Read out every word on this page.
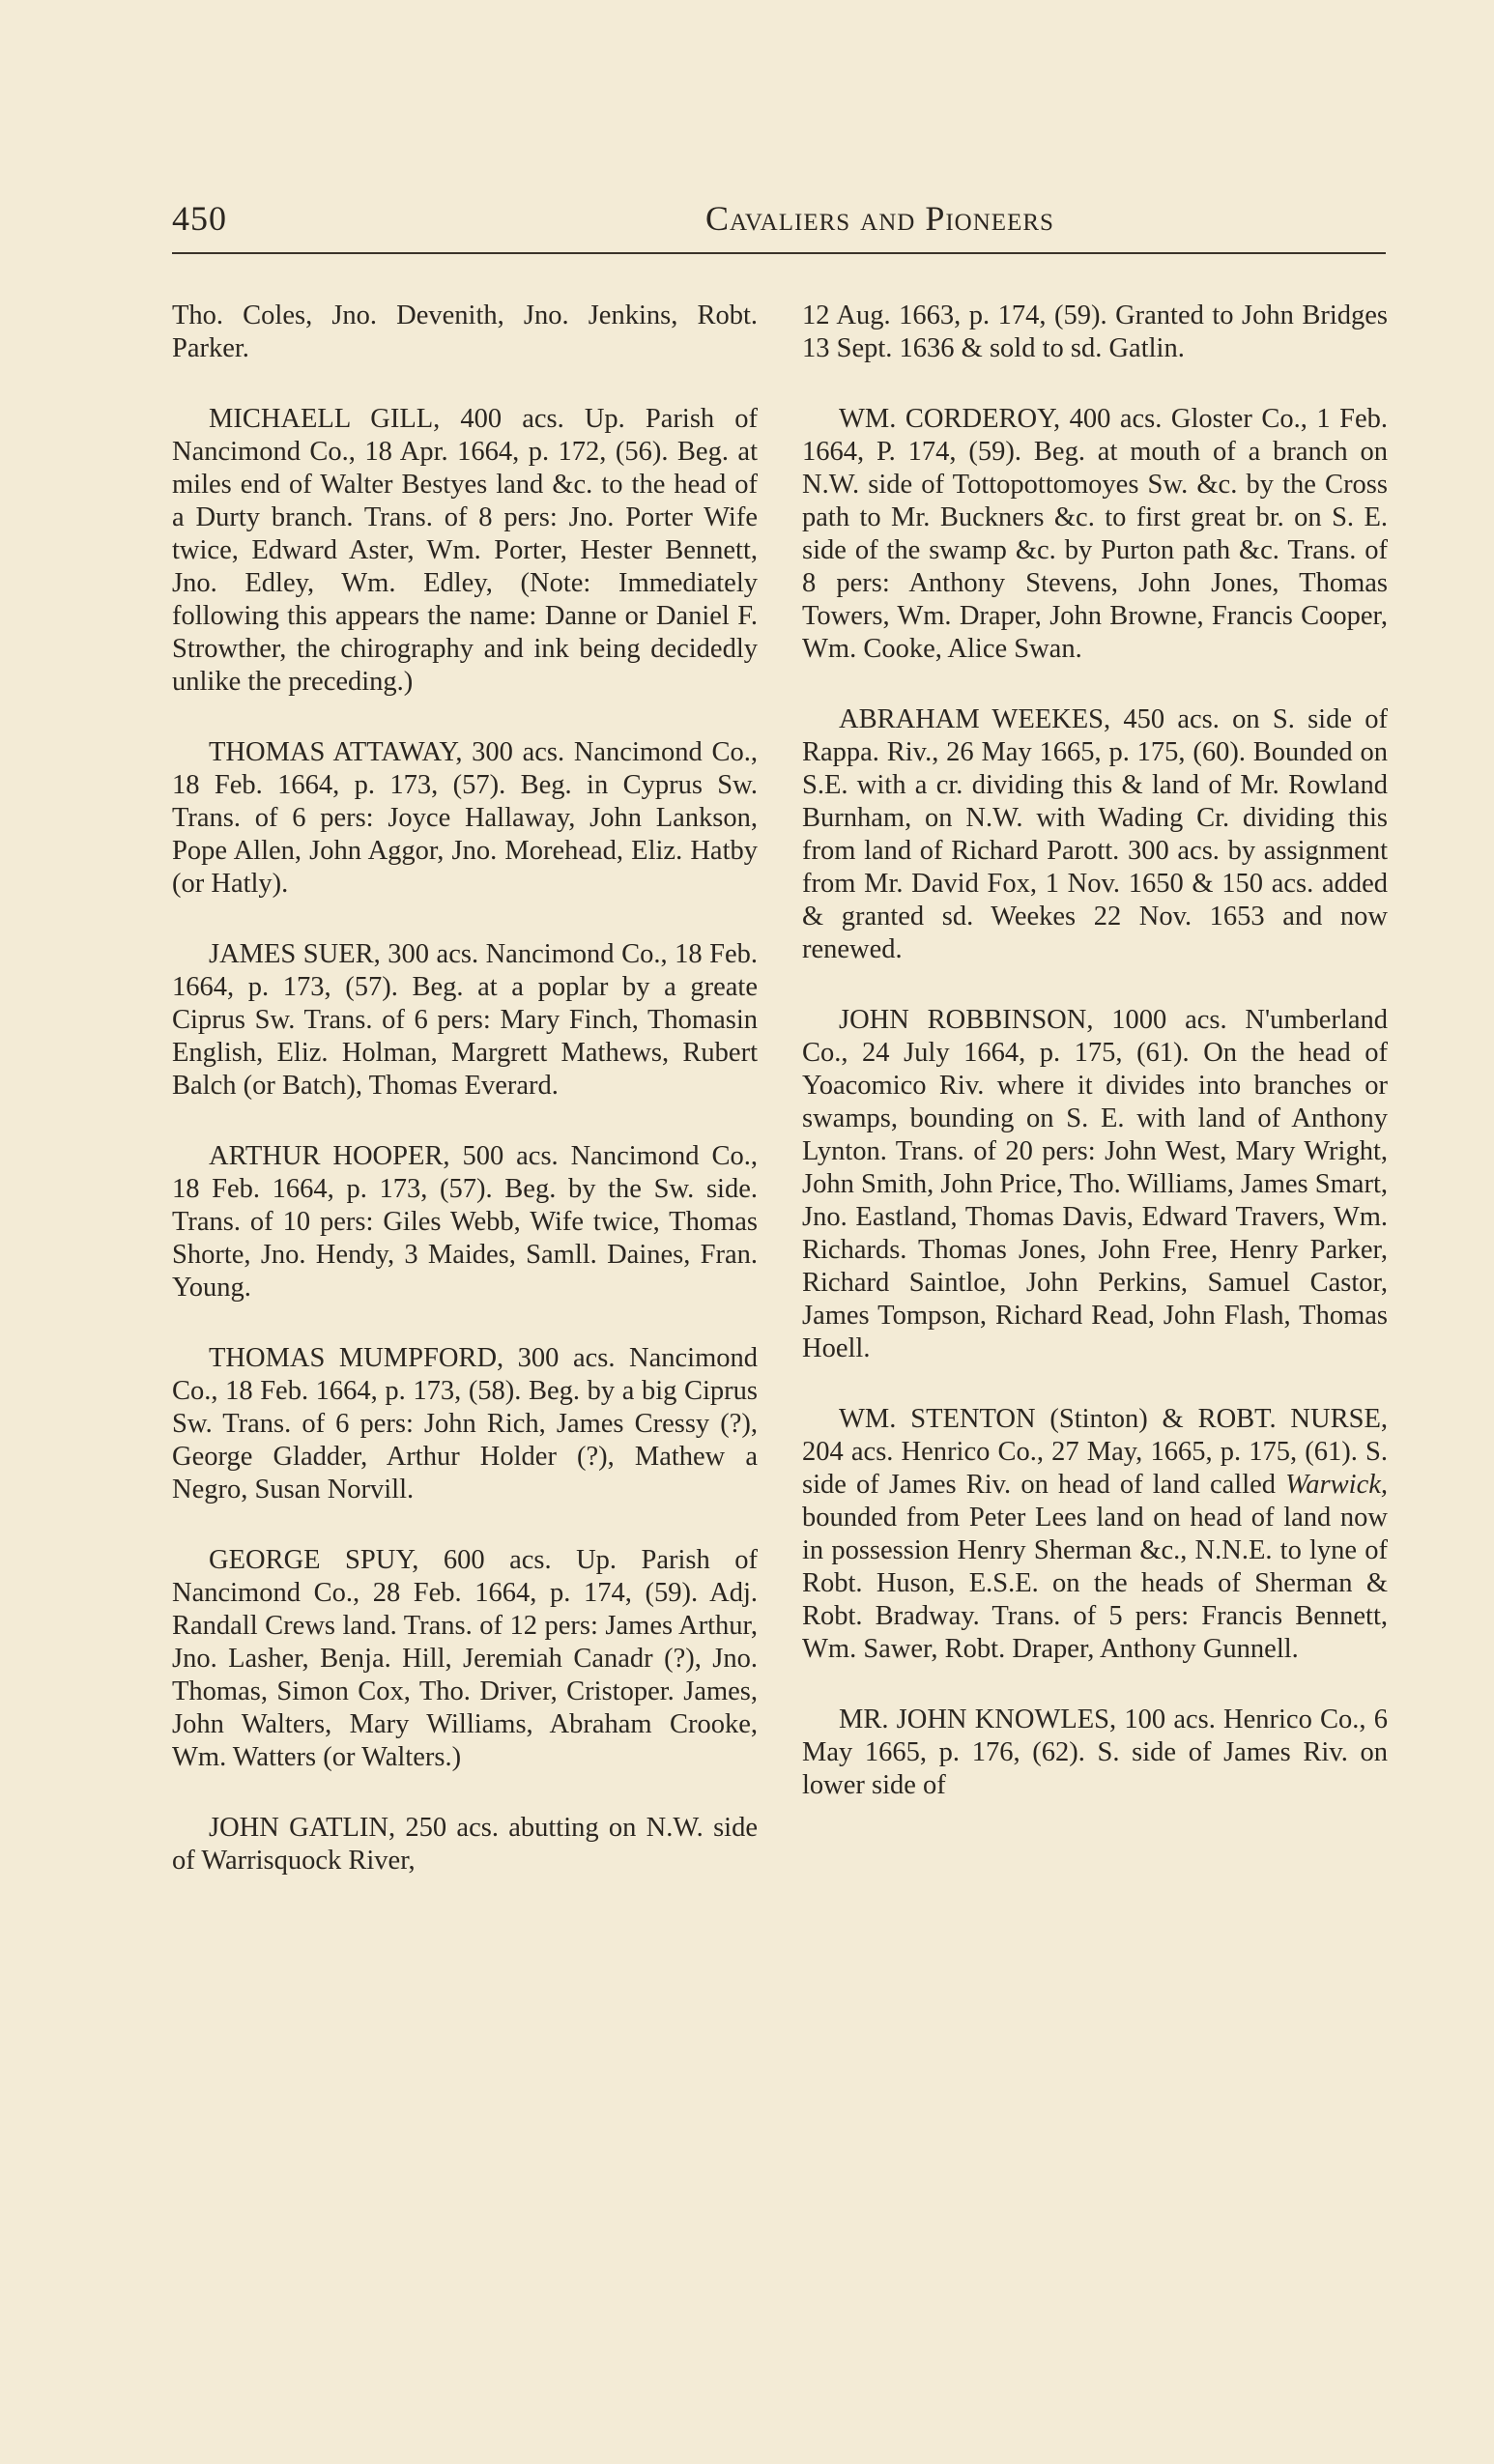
450	Cavaliers and Pioneers

Tho. Coles, Jno. Devenith, Jno. Jenkins, Robt. Parker.

MICHAELL GILL, 400 acs. Up. Parish of Nancimond Co., 18 Apr. 1664, p. 172, (56). Beg. at miles end of Walter Bestyes land &c. to the head of a Durty branch. Trans. of 8 pers: Jno. Porter Wife twice, Edward Aster, Wm. Porter, Hester Bennett, Jno. Edley, Wm. Edley, (Note: Immediately following this appears the name: Danne or Daniel F. Strowther, the chirography and ink being decidedly unlike the preceding.)

THOMAS ATTAWAY, 300 acs. Nancimond Co., 18 Feb. 1664, p. 173, (57). Beg. in Cyprus Sw. Trans. of 6 pers: Joyce Hallaway, John Lankson, Pope Allen, John Aggor, Jno. Morehead, Eliz. Hatby (or Hatly).

JAMES SUER, 300 acs. Nancimond Co., 18 Feb. 1664, p. 173, (57). Beg. at a poplar by a greate Ciprus Sw. Trans. of 6 pers: Mary Finch, Thomasin English, Eliz. Holman, Margrett Mathews, Rubert Balch (or Batch), Thomas Everard.

ARTHUR HOOPER, 500 acs. Nancimond Co., 18 Feb. 1664, p. 173, (57). Beg. by the Sw. side. Trans. of 10 pers: Giles Webb, Wife twice, Thomas Shorte, Jno. Hendy, 3 Maides, Samll. Daines, Fran. Young.

THOMAS MUMPFORD, 300 acs. Nancimond Co., 18 Feb. 1664, p. 173, (58). Beg. by a big Ciprus Sw. Trans. of 6 pers: John Rich, James Cressy (?), George Gladder, Arthur Holder (?), Mathew a Negro, Susan Norvill.

GEORGE SPUY, 600 acs. Up. Parish of Nancimond Co., 28 Feb. 1664, p. 174, (59). Adj. Randall Crews land. Trans. of 12 pers: James Arthur, Jno. Lasher, Benja. Hill, Jeremiah Canadr (?), Jno. Thomas, Simon Cox, Tho. Driver, Cristoper. James, John Walters, Mary Williams, Abraham Crooke, Wm. Watters (or Walters.)

JOHN GATLIN, 250 acs. abutting on N.W. side of Warrisquock River,

12 Aug. 1663, p. 174, (59). Granted to John Bridges 13 Sept. 1636 & sold to sd. Gatlin.

WM. CORDEROY, 400 acs. Gloster Co., 1 Feb. 1664, P. 174, (59). Beg. at mouth of a branch on N.W. side of Tottopottomoyes Sw. &c. by the Cross path to Mr. Buckners &c. to first great br. on S. E. side of the swamp &c. by Purton path &c. Trans. of 8 pers: Anthony Stevens, John Jones, Thomas Towers, Wm. Draper, John Browne, Francis Cooper, Wm. Cooke, Alice Swan.

ABRAHAM WEEKES, 450 acs. on S. side of Rappa. Riv., 26 May 1665, p. 175, (60). Bounded on S.E. with a cr. dividing this & land of Mr. Rowland Burnham, on N.W. with Wading Cr. dividing this from land of Richard Parott. 300 acs. by assignment from Mr. David Fox, 1 Nov. 1650 & 150 acs. added & granted sd. Weekes 22 Nov. 1653 and now renewed.

JOHN ROBBINSON, 1000 acs. N'umberland Co., 24 July 1664, p. 175, (61). On the head of Yoacomico Riv. where it divides into branches or swamps, bounding on S. E. with land of Anthony Lynton. Trans. of 20 pers: John West, Mary Wright, John Smith, John Price, Tho. Williams, James Smart, Jno. Eastland, Thomas Davis, Edward Travers, Wm. Richards. Thomas Jones, John Free, Henry Parker, Richard Saintloe, John Perkins, Samuel Castor, James Tompson, Richard Read, John Flash, Thomas Hoell.

WM. STENTON (Stinton) & ROBT. NURSE, 204 acs. Henrico Co., 27 May, 1665, p. 175, (61). S. side of James Riv. on head of land called Warwick, bounded from Peter Lees land on head of land now in possession Henry Sherman &c., N.N.E. to lyne of Robt. Huson, E.S.E. on the heads of Sherman & Robt. Bradway. Trans. of 5 pers: Francis Bennett, Wm. Sawer, Robt. Draper, Anthony Gunnell.

MR. JOHN KNOWLES, 100 acs. Henrico Co., 6 May 1665, p. 176, (62). S. side of James Riv. on lower side of
